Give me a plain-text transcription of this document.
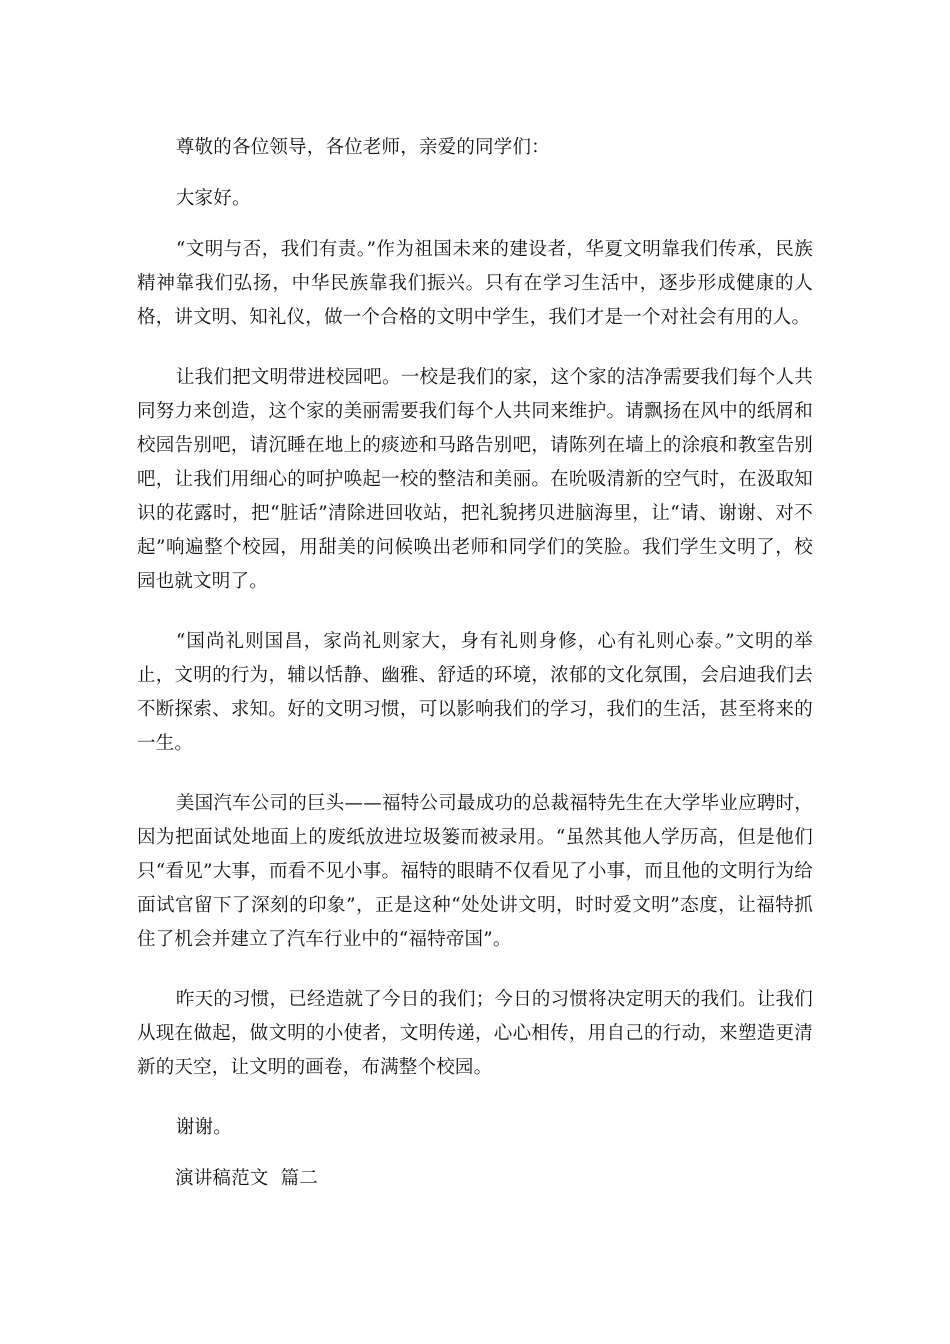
尊敬的各位领导，各位老师，亲爱的同学们：

大家好。

“文明与否，我们有责。”作为祖国未来的建设者，华夏文明靠我们传承，民族精神靠我们弘扬，中华民族靠我们振兴。只有在学习生活中，逐步形成健康的人格，讲文明、知礼仪，做一个合格的文明中学生，我们才是一个对社会有用的人。

让我们把文明带进校园吧。一校是我们的家，这个家的洁净需要我们每个人共同努力来创造，这个家的美丽需要我们每个人共同来维护。请飘扬在风中的纸屑和校园告别吧，请沉睡在地上的痰迹和马路告别吧，请陈列在墙上的涂痕和教室告别吧，让我们用细心的呵护唤起一校的整洁和美丽。在吮吸清新的空气时，在汲取知识的花露时，把“脏话”清除进回收站，把礼貌拷贝进脑海里，让“请、谢谢、对不起”响遍整个校园，用甜美的问候唤出老师和同学们的笑脸。我们学生文明了，校园也就文明了。

“国尚礼则国昌，家尚礼则家大，身有礼则身修，心有礼则心泰。”文明的举止，文明的行为，辅以恬静、幽雅、舒适的环境，浓郁的文化氛围，会启迪我们去不断探索、求知。好的文明习惯，可以影响我们的学习，我们的生活，甚至将来的一生。

美国汽车公司的巨头——福特公司最成功的总裁福特先生在大学毕业应聘时，因为把面试处地面上的废纸放进垃圾篓而被录用。“虽然其他人学历高，但是他们只“看见”大事，而看不见小事。福特的眼睛不仅看见了小事，而且他的文明行为给面试官留下了深刻的印象”，正是这种“处处讲文明，时时爱文明”态度，让福特抓住了机会并建立了汽车行业中的“福特帝国”。

昨天的习惯，已经造就了今日的我们；今日的习惯将决定明天的我们。让我们从现在做起，做文明的小使者，文明传递，心心相传，用自己的行动，来塑造更清新的天空，让文明的画卷，布满整个校园。

谢谢。

演讲稿范文  篇二
